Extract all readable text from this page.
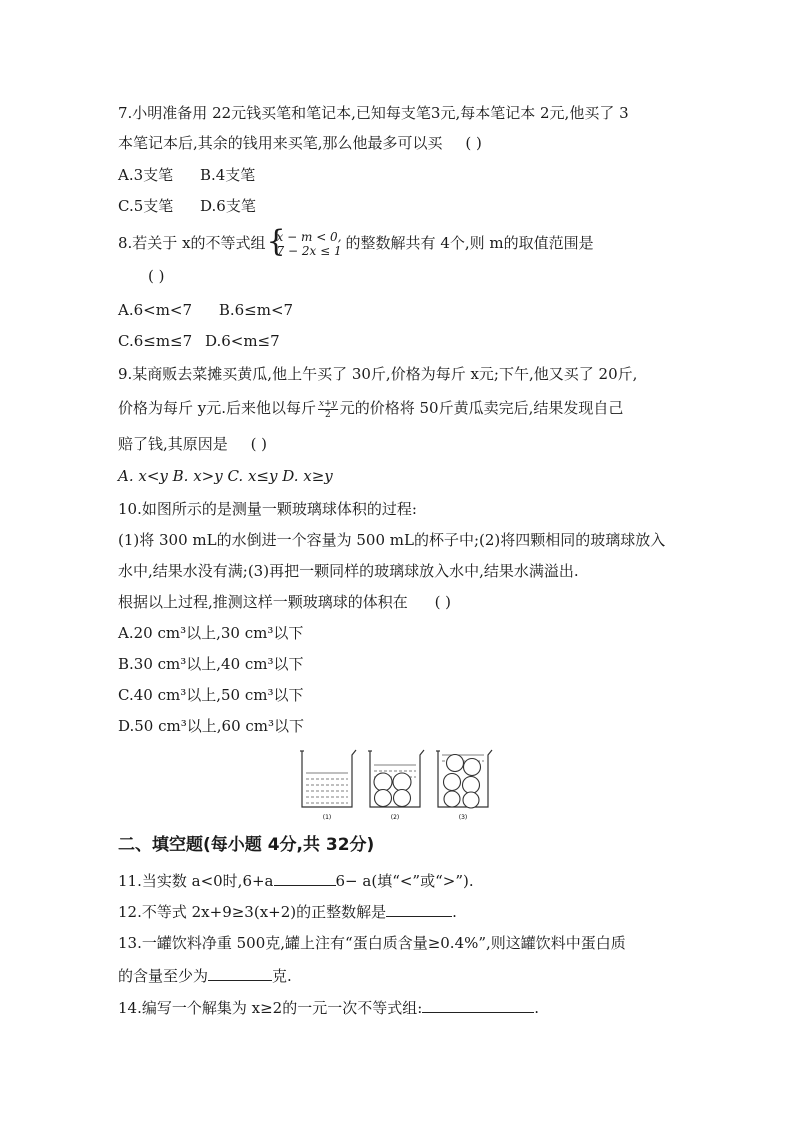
7.小明准备用 22元钱买笔和笔记本,已知每支笔3元,每本笔记本 2元,他买了 3
本笔记本后,其余的钱用来买笔,那么他最多可以买 ( )
A.3支笔 B.4支笔
C.5支笔 D.6支笔
8.若关于 x的不等式组 {
x − m < 0,
7 − 2x ≤ 1 的整数解共有 4个,则 m的取值范围是
( )
A.6<m<7 B.6≤m<7
C.6≤m≤7 D.6<m≤7
9.某商贩去菜摊买黄瓜,他上午买了 30斤,价格为每斤 x元;下午,他又买了 20斤,
价格为每斤 y元.后来他以每斤 $\frac{x+y}{2}$ 元的价格将 50斤黄瓜卖完后,结果发现自己
赔了钱,其原因是 ( )
A. x<y B. x>y C. x≤y D. x≥y
10.如图所示的是测量一颗玻璃球体积的过程:
(1)将 300 mL的水倒进一个容量为 500 mL的杯子中;(2)将四颗相同的玻璃球放入
水中,结果水没有满;(3)再把一颗同样的玻璃球放入水中,结果水满溢出.
根据以上过程,推测这样一颗玻璃球的体积在 ( )
A.20 cm³以上,30 cm³以下
B.30 cm³以上,40 cm³以下
C.40 cm³以上,50 cm³以下
D.50 cm³以上,60 cm³以下
(1)	(2)	(3)
二、填空题(每小题 4分,共 32分)
11.当实数 a<0时,6+a	6− a(填“<”或“>”).
12.不等式 2x+9≥3(x+2)的正整数解是	.
13.一罐饮料净重 500克,罐上注有“蛋白质含量≥0.4%”,则这罐饮料中蛋白质
的含量至少为	克.
14.编写一个解集为 x≥2的一元一次不等式组:	.
